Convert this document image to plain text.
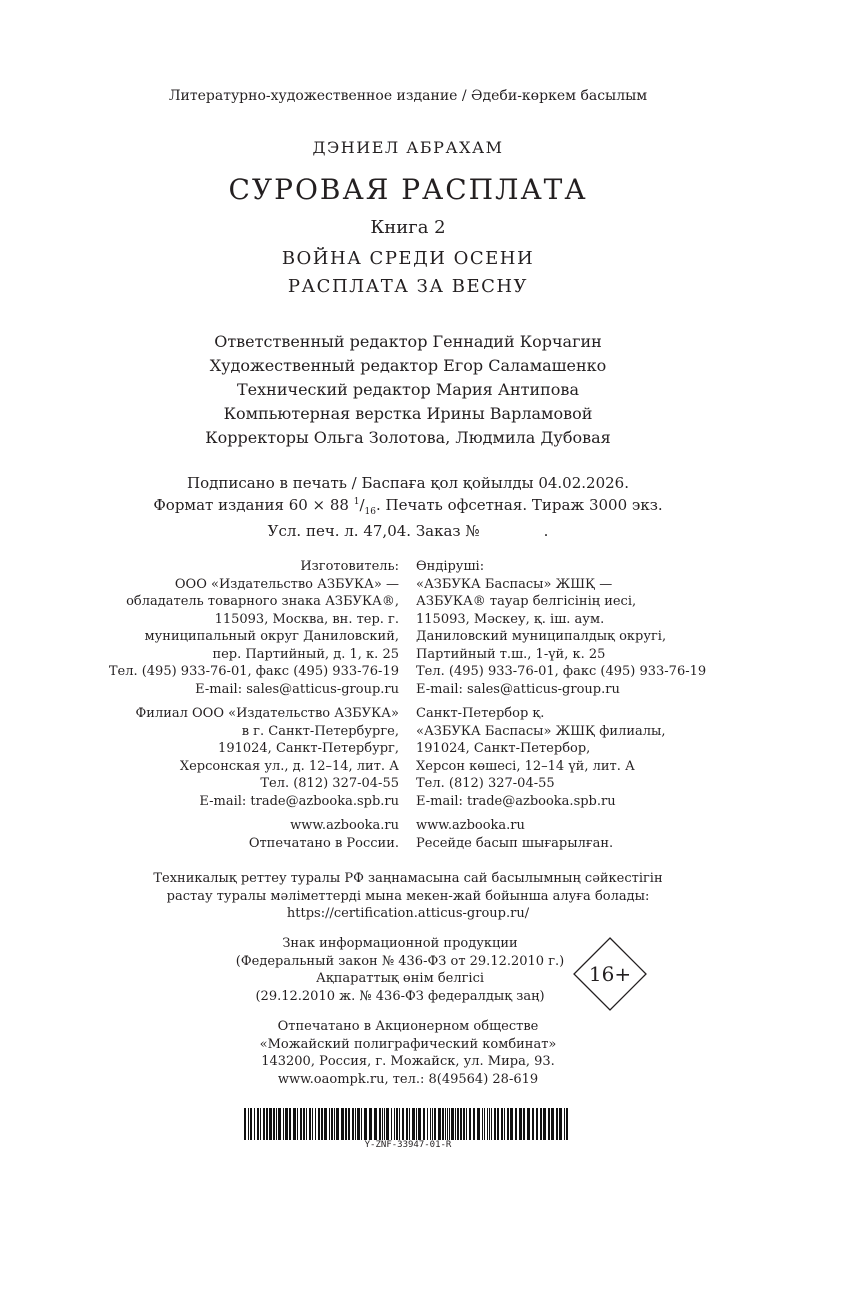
Литературно-художественное издание / Әдеби-көркем басылым
ДЭНИЕЛ АБРАХАМ
СУРОВАЯ РАСПЛАТА
Книга 2
ВОЙНА СРЕДИ ОСЕНИ
РАСПЛАТА ЗА ВЕСНУ
Ответственный редактор Геннадий Корчагин
Художественный редактор Егор Саламашенко
Технический редактор Мария Антипова
Компьютерная верстка Ирины Варламовой
Корректоры Ольга Золотова, Людмила Дубовая
Подписано в печать / Баспаға қол қойылды 04.02.2026.
Формат издания 60 × 88 $^1/_{16}$. Печать офсетная. Тираж 3000 экз.
Усл. печ. л. 47,04. Заказ №	.
Изготовитель:
ООО «Издательство АЗБУКА» —
обладатель товарного знака АЗБУКА®,
115093, Москва, вн. тер. г.
муниципальный округ Даниловский,
пер. Партийный, д. 1, к. 25
Тел. (495) 933-76-01, факс (495) 933-76-19
E-mail: sales@atticus-group.ru
Өндіруші:
«АЗБУКА Баспасы» ЖШҚ —
АЗБУКА® тауар белгісінің иесі,
115093, Мәскеу, қ. іш. аум.
Даниловский муниципалдық округі,
Партийный т.ш., 1-үй, к. 25
Тел. (495) 933-76-01, факс (495) 933-76-19
E-mail: sales@atticus-group.ru
Филиал ООО «Издательство АЗБУКА»
в г. Санкт-Петербурге,
191024, Санкт-Петербург,
Херсонская ул., д. 12–14, лит. А
Тел. (812) 327-04-55
E-mail: trade@azbooka.spb.ru
Санкт-Петербор қ.
«АЗБУКА Баспасы» ЖШҚ филиалы,
191024, Санкт-Петербор,
Херсон көшесі, 12–14 үй, лит. А
Тел. (812) 327-04-55
E-mail: trade@azbooka.spb.ru
www.azbooka.ru
Отпечатано в России.
www.azbooka.ru
Ресейде басып шығарылған.
Техникалық реттеу туралы РФ заңнамасына сай басылымның сәйкестігін
растау туралы мәліметтерді мына мекен-жай бойынша алуға болады:
https://certification.atticus-group.ru/
Знак информационной продукции
(Федеральный закон № 436-ФЗ от 29.12.2010 г.)
Ақпараттық өнім белгісі
(29.12.2010 ж. № 436-ФЗ федералдық заң)
16+
Отпечатано в Акционерном обществе
«Можайский полиграфический комбинат»
143200, Россия, г. Можайск, ул. Мира, 93.
www.oaompk.ru, тел.: 8(49564) 28-619
Y-ZNF-33947-01-R
